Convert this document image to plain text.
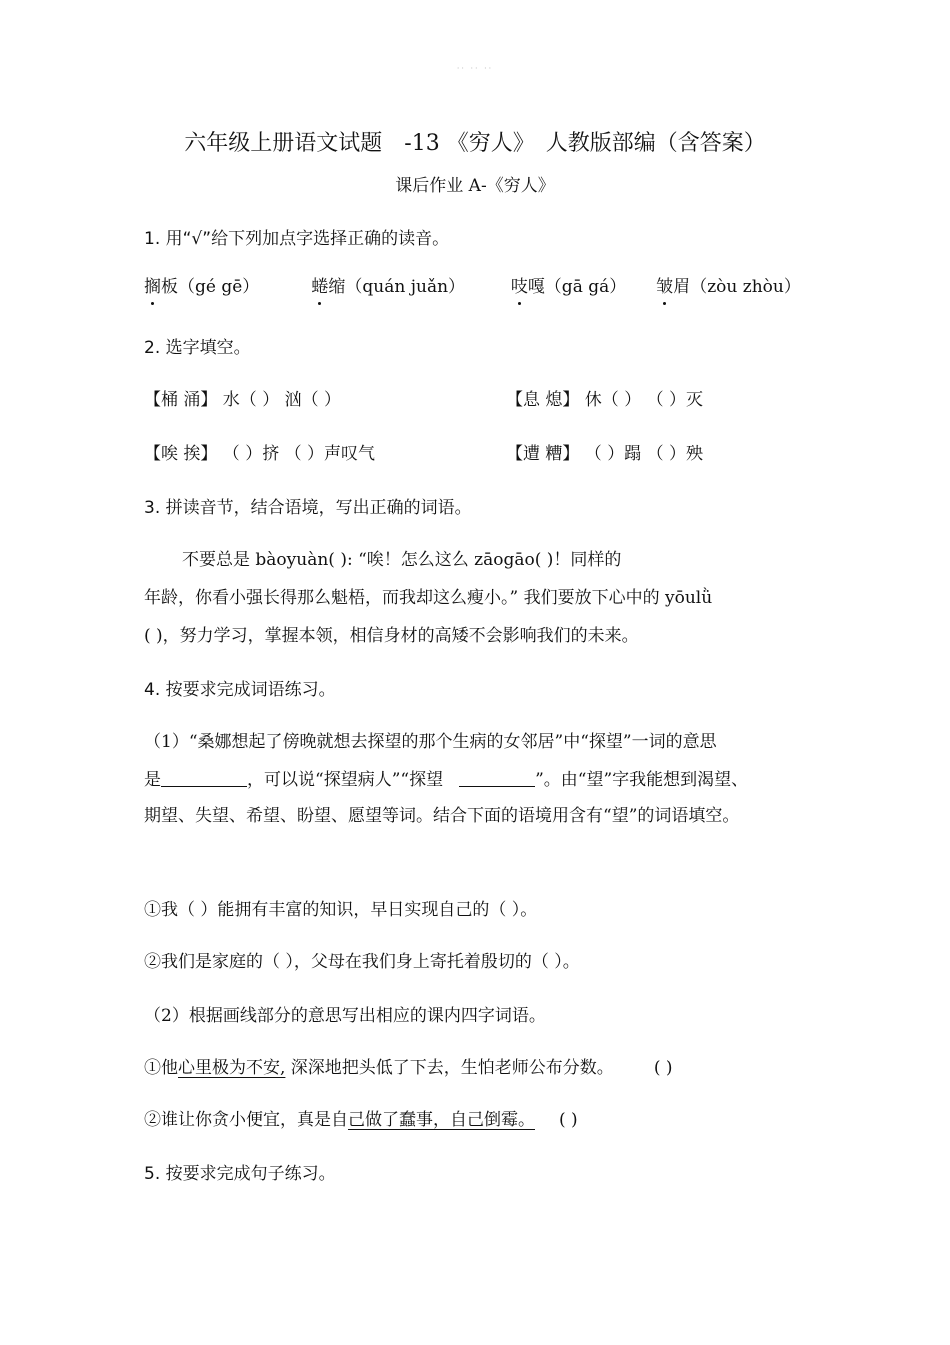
·· ·· ··
六年级上册语文试题　-13 《穷人》　人教版部编（含答案）
课后作业 A-《穷人》
1. 用“√”给下列加点字选择正确的读音。
搁板（gé gē）	蜷缩（quán juǎn）	吱嘎（gā gá） 皱眉（zòu zhòu）
2. 选字填空。
【桶 涌】 水（ ） 汹（ ）	【息 熄】 休（ ） （ ）灭
【唉 挨】 （ ）挤 （ ）声叹气	【遭 糟】 （ ）蹋 （ ）殃
3. 拼读音节，结合语境，写出正确的词语。
不要总是 bàoyuàn( ): “唉！怎么这么 zāogāo( )！同样的
年龄，你看小强长得那么魁梧，而我却这么瘦小。” 我们要放下心中的 yōulǜ
( )，努力学习，掌握本领，相信身材的高矮不会影响我们的未来。
4. 按要求完成词语练习。
（1）“桑娜想起了傍晚就想去探望的那个生病的女邻居”中“探望”一词的意思
是	，可以说“探望病人”“探望	”。由“望”字我能想到渴望、
期望、失望、希望、盼望、愿望等词。结合下面的语境用含有“望”的词语填空。
①我（ ）能拥有丰富的知识，早日实现自己的（ ）。
②我们是家庭的（ ），父母在我们身上寄托着殷切的（ ）。
（2）根据画线部分的意思写出相应的课内四字词语。
①他心里极为不安, 深深地把头低了下去，生怕老师公布分数。 ( )
②谁让你贪小便宜，真是自己做了蠢事，自己倒霉。 ( )
5. 按要求完成句子练习。
